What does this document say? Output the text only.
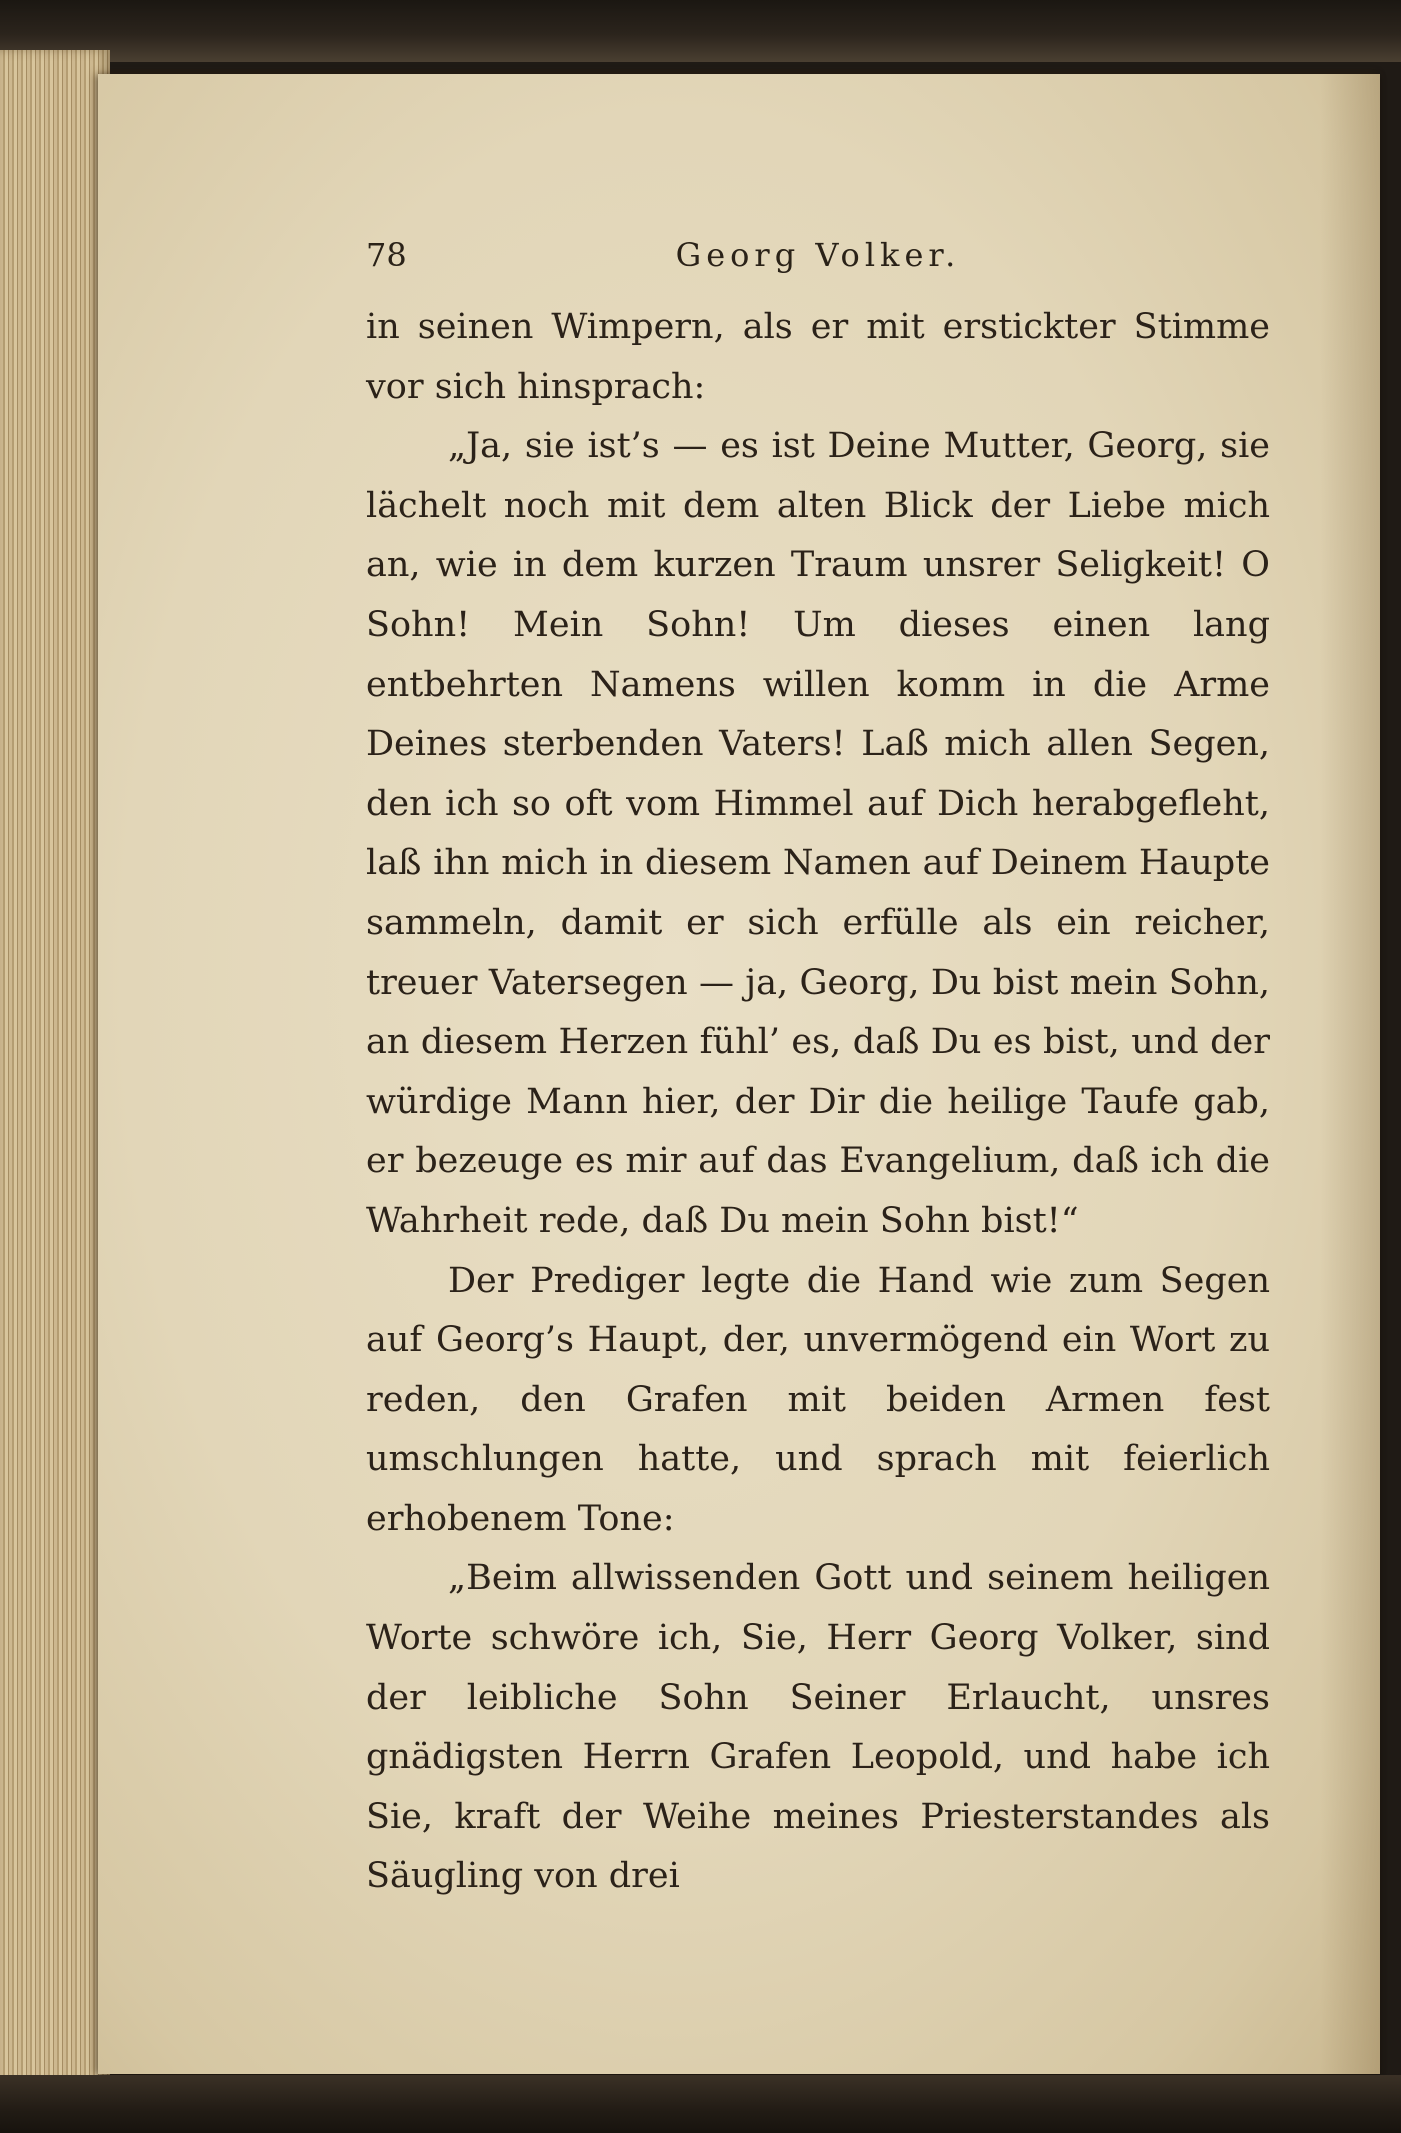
78	Georg Volker.

in seinen Wimpern, als er mit erstickter Stimme vor sich hinsprach:

„Ja, sie ist’s — es ist Deine Mutter, Georg, sie lächelt noch mit dem alten Blick der Liebe mich an, wie in dem kurzen Traum unsrer Seligkeit! O Sohn! Mein Sohn! Um dieses einen lang entbehrten Namens willen komm in die Arme Deines sterbenden Vaters! Laß mich allen Segen, den ich so oft vom Himmel auf Dich herabgefleht, laß ihn mich in diesem Namen auf Deinem Haupte sammeln, damit er sich erfülle als ein reicher, treuer Vatersegen — ja, Georg, Du bist mein Sohn, an diesem Herzen fühl’ es, daß Du es bist, und der würdige Mann hier, der Dir die heilige Taufe gab, er bezeuge es mir auf das Evangelium, daß ich die Wahrheit rede, daß Du mein Sohn bist!“

Der Prediger legte die Hand wie zum Segen auf Georg’s Haupt, der, unvermögend ein Wort zu reden, den Grafen mit beiden Armen fest umschlungen hatte, und sprach mit feierlich erhobenem Tone:

„Beim allwissenden Gott und seinem heiligen Worte schwöre ich, Sie, Herr Georg Volker, sind der leibliche Sohn Seiner Erlaucht, unsres gnädigsten Herrn Grafen Leopold, und habe ich Sie, kraft der Weihe meines Priesterstandes als Säugling von drei
